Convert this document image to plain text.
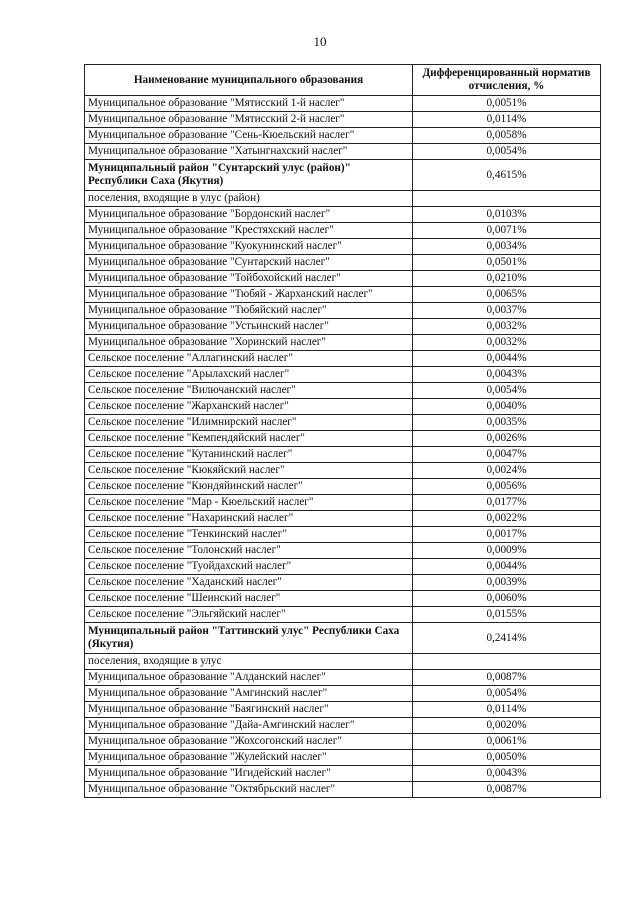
10
Наименование муниципального образования	Дифференцированный норматив отчисления, %
Муниципальное образование "Мятисский 1-й наслег"	0,0051%
Муниципальное образование "Мятисский 2-й наслег"	0,0114%
Муниципальное образование "Сень-Кюельский наслег"	0,0058%
Муниципальное образование "Хатынгнахский наслег"	0,0054%
Муниципальный район "Сунтарский улус (район)" Республики Саха (Якутия)	0,4615%
поселения, входящие в улус (район)	
Муниципальное образование "Бордонский наслег"	0,0103%
Муниципальное образование "Крестяхский наслег"	0,0071%
Муниципальное образование "Куокунинский наслег"	0,0034%
Муниципальное образование "Сунтарский наслег"	0,0501%
Муниципальное образование "Тойбохойский наслег"	0,0210%
Муниципальное образование "Тюбяй - Жарханский наслег"	0,0065%
Муниципальное образование "Тюбяйский наслег"	0,0037%
Муниципальное образование "Устьинский наслег"	0,0032%
Муниципальное образование "Хоринский наслег"	0,0032%
Сельское поселение "Аллагинский наслег"	0,0044%
Сельское поселение "Арылахский наслег"	0,0043%
Сельское поселение "Вилючанский наслег"	0,0054%
Сельское поселение "Жарханский наслег"	0,0040%
Сельское поселение "Илимнирский наслег"	0,0035%
Сельское поселение "Кемпендяйский наслег"	0,0026%
Сельское поселение "Кутанинский наслег"	0,0047%
Сельское поселение "Кюкяйский наслег"	0,0024%
Сельское поселение "Кюндяйинский наслег"	0,0056%
Сельское поселение "Мар - Кюельский наслег"	0,0177%
Сельское поселение "Нахаринский наслег"	0,0022%
Сельское поселение "Тенкинский наслег"	0,0017%
Сельское поселение "Толонский наслег"	0,0009%
Сельское поселение "Туойдахский наслег"	0,0044%
Сельское поселение "Хаданский наслег"	0,0039%
Сельское поселение "Шеинский наслег"	0,0060%
Сельское поселение "Эльгяйский наслег"	0,0155%
Муниципальный район "Таттинский улус" Республики Саха (Якутия)	0,2414%
поселения, входящие в улус	
Муниципальное образование "Алданский наслег"	0,0087%
Муниципальное образование "Амгинский наслег"	0,0054%
Муниципальное образование "Баягинский наслег"	0,0114%
Муниципальное образование "Дайа-Амгинский наслег"	0,0020%
Муниципальное образование "Жохсогонский наслег"	0,0061%
Муниципальное образование "Жулейский наслег"	0,0050%
Муниципальное образование "Игидейский наслег"	0,0043%
Муниципальное образование "Октябрьский наслег"	0,0087%
